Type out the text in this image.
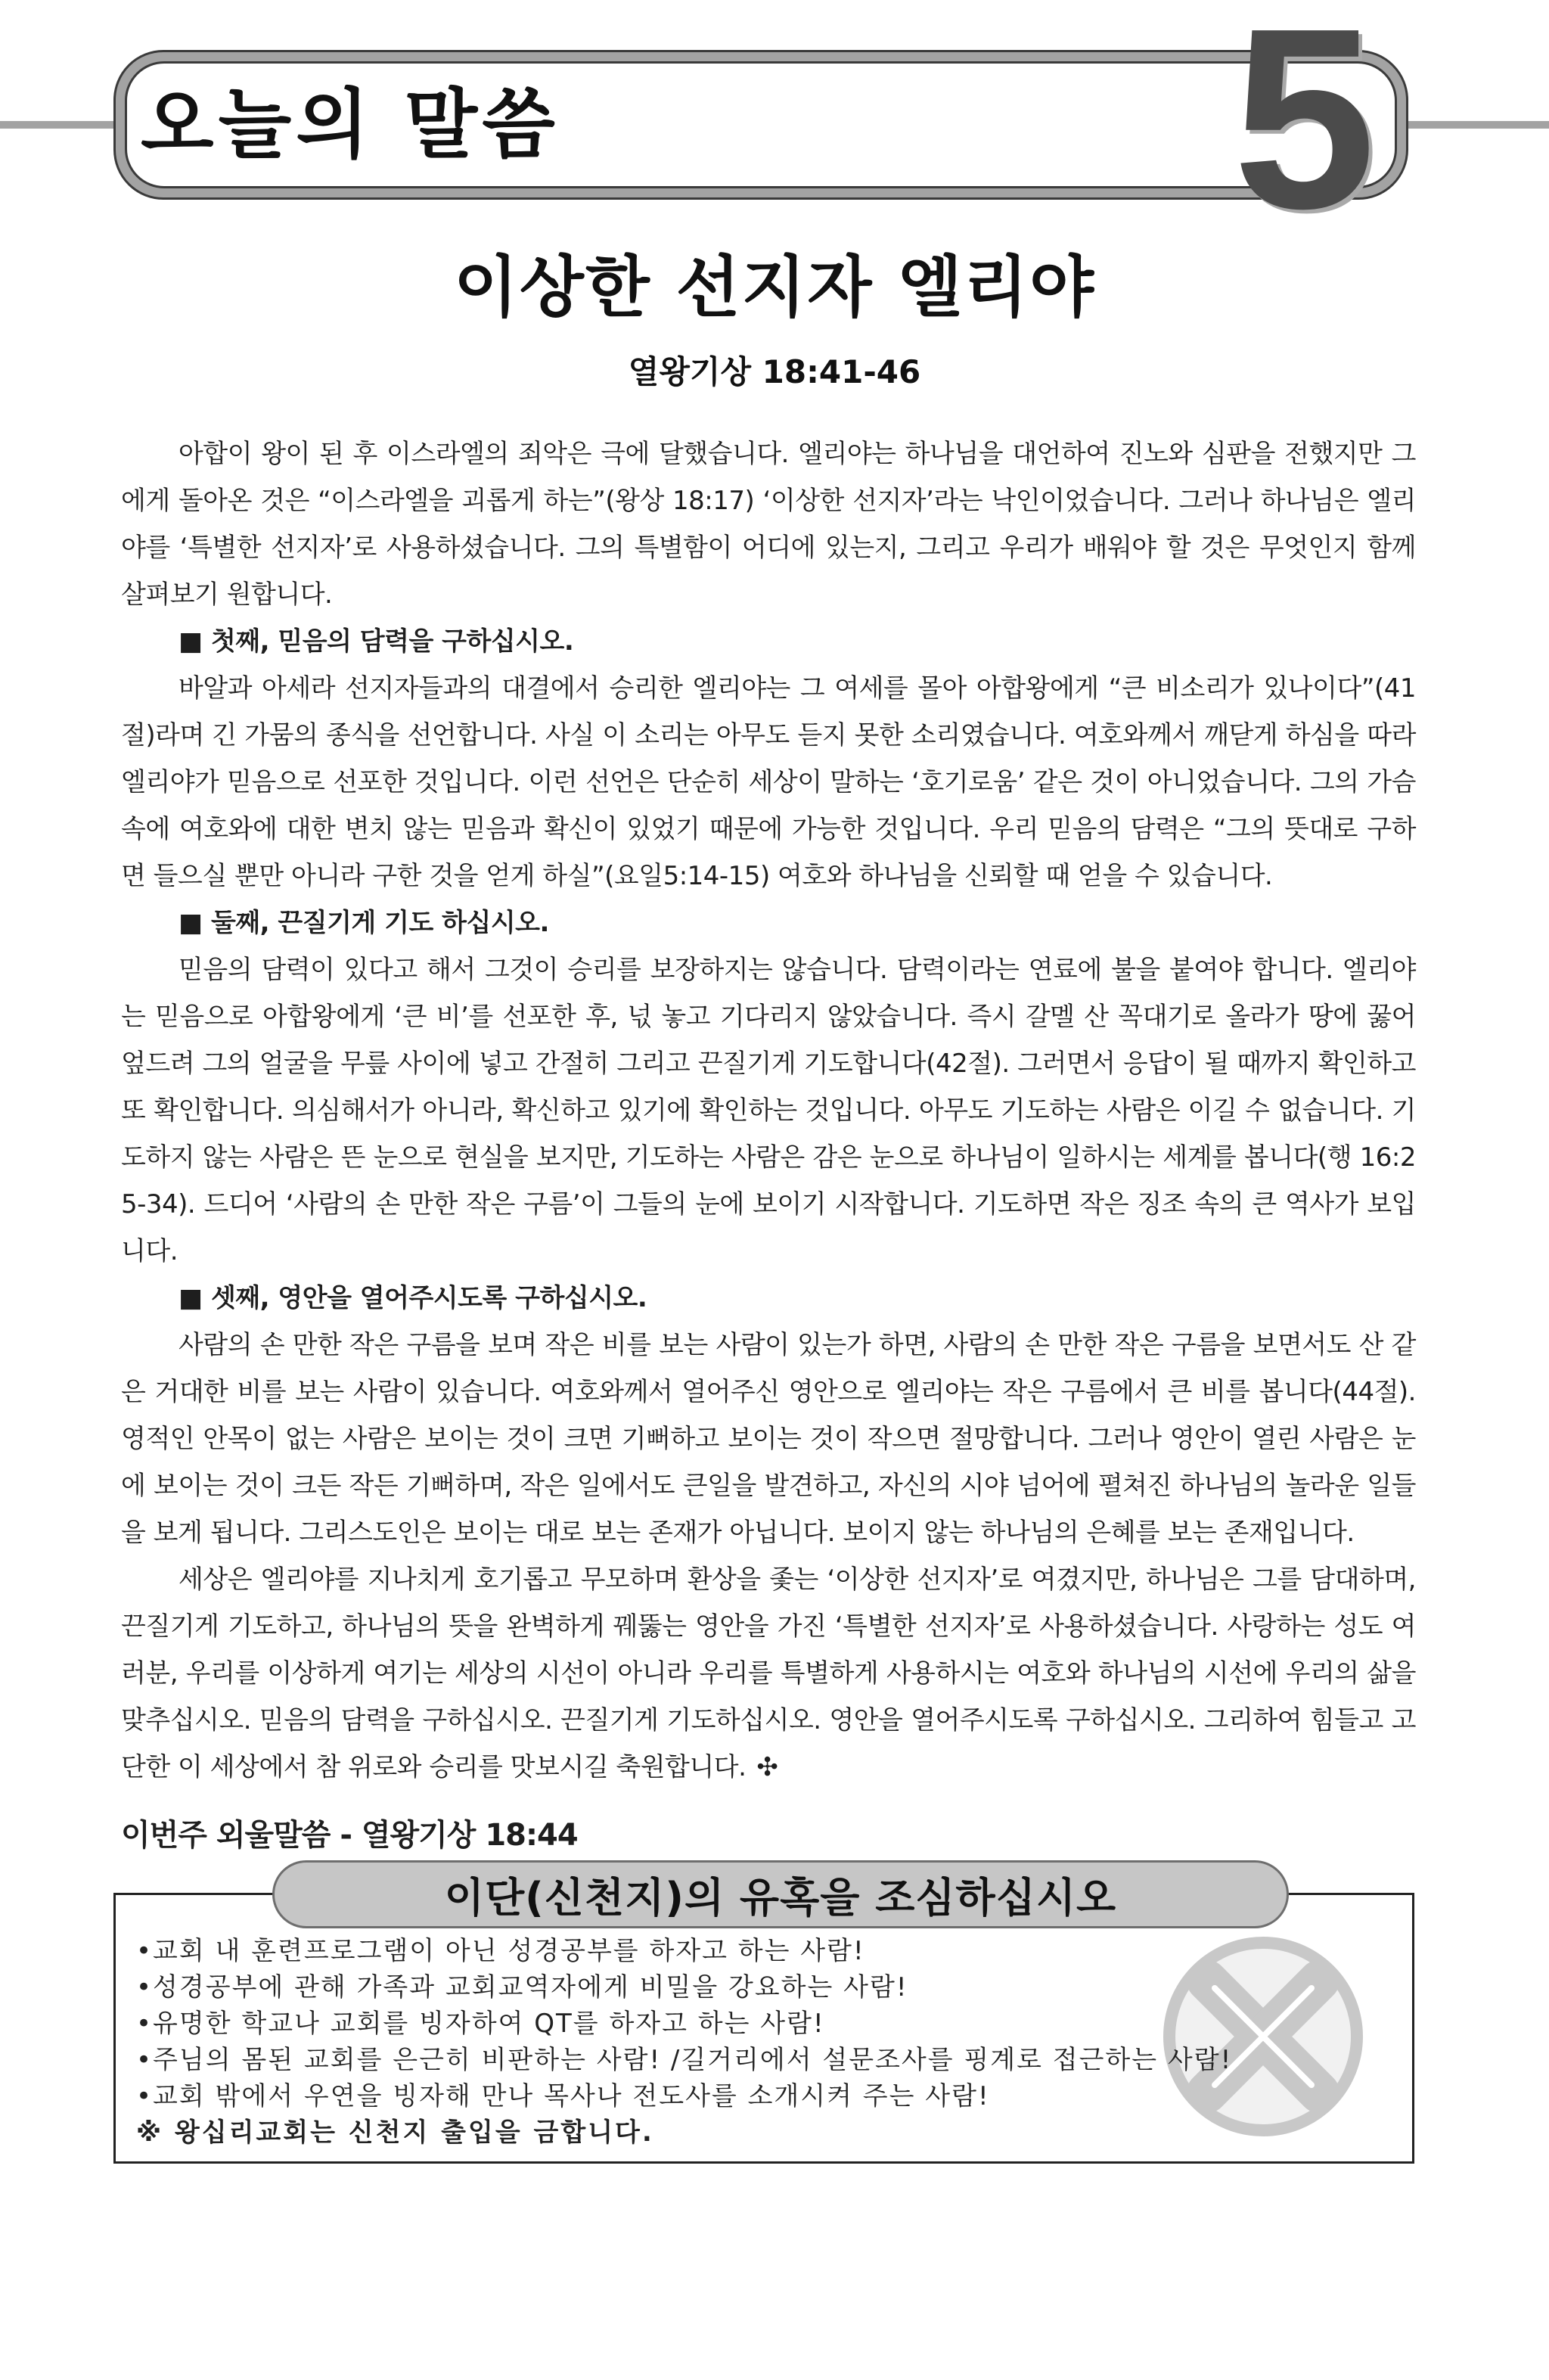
오늘의 말씀	5
이상한 선지자 엘리야
열왕기상 18:41-46

아합이 왕이 된 후 이스라엘의 죄악은 극에 달했습니다. 엘리야는 하나님을 대언하여 진노와 심판을 전했지만 그에게 돌아온 것은 “이스라엘을 괴롭게 하는”(왕상 18:17) ‘이상한 선지자’라는 낙인이었습니다. 그러나 하나님은 엘리야를 ‘특별한 선지자’로 사용하셨습니다. 그의 특별함이 어디에 있는지, 그리고 우리가 배워야 할 것은 무엇인지 함께 살펴보기 원합니다.

■ 첫째, 믿음의 담력을 구하십시오.

바알과 아세라 선지자들과의 대결에서 승리한 엘리야는 그 여세를 몰아 아합왕에게 “큰 비소리가 있나이다”(41절)라며 긴 가뭄의 종식을 선언합니다. 사실 이 소리는 아무도 듣지 못한 소리였습니다. 여호와께서 깨닫게 하심을 따라 엘리야가 믿음으로 선포한 것입니다. 이런 선언은 단순히 세상이 말하는 ‘호기로움’ 같은 것이 아니었습니다. 그의 가슴 속에 여호와에 대한 변치 않는 믿음과 확신이 있었기 때문에 가능한 것입니다. 우리 믿음의 담력은 “그의 뜻대로 구하면 들으실 뿐만 아니라 구한 것을 얻게 하실”(요일5:14-15) 여호와 하나님을 신뢰할 때 얻을 수 있습니다.

■ 둘째, 끈질기게 기도 하십시오.

믿음의 담력이 있다고 해서 그것이 승리를 보장하지는 않습니다. 담력이라는 연료에 불을 붙여야 합니다. 엘리야는 믿음으로 아합왕에게 ‘큰 비’를 선포한 후, 넋 놓고 기다리지 않았습니다. 즉시 갈멜 산 꼭대기로 올라가 땅에 꿇어 엎드려 그의 얼굴을 무릎 사이에 넣고 간절히 그리고 끈질기게 기도합니다(42절). 그러면서 응답이 될 때까지 확인하고 또 확인합니다. 의심해서가 아니라, 확신하고 있기에 확인하는 것입니다. 아무도 기도하는 사람은 이길 수 없습니다. 기도하지 않는 사람은 뜬 눈으로 현실을 보지만, 기도하는 사람은 감은 눈으로 하나님이 일하시는 세계를 봅니다(행 16:25-34). 드디어 ‘사람의 손 만한 작은 구름’이 그들의 눈에 보이기 시작합니다. 기도하면 작은 징조 속의 큰 역사가 보입니다.

■ 셋째, 영안을 열어주시도록 구하십시오.

사람의 손 만한 작은 구름을 보며 작은 비를 보는 사람이 있는가 하면, 사람의 손 만한 작은 구름을 보면서도 산 같은 거대한 비를 보는 사람이 있습니다. 여호와께서 열어주신 영안으로 엘리야는 작은 구름에서 큰 비를 봅니다(44절). 영적인 안목이 없는 사람은 보이는 것이 크면 기뻐하고 보이는 것이 작으면 절망합니다. 그러나 영안이 열린 사람은 눈에 보이는 것이 크든 작든 기뻐하며, 작은 일에서도 큰일을 발견하고, 자신의 시야 넘어에 펼쳐진 하나님의 놀라운 일들을 보게 됩니다. 그리스도인은 보이는 대로 보는 존재가 아닙니다. 보이지 않는 하나님의 은혜를 보는 존재입니다.

세상은 엘리야를 지나치게 호기롭고 무모하며 환상을 좇는 ‘이상한 선지자’로 여겼지만, 하나님은 그를 담대하며, 끈질기게 기도하고, 하나님의 뜻을 완벽하게 꿰뚫는 영안을 가진 ‘특별한 선지자’로 사용하셨습니다. 사랑하는 성도 여러분, 우리를 이상하게 여기는 세상의 시선이 아니라 우리를 특별하게 사용하시는 여호와 하나님의 시선에 우리의 삶을 맞추십시오. 믿음의 담력을 구하십시오. 끈질기게 기도하십시오. 영안을 열어주시도록 구하십시오. 그리하여 힘들고 고단한 이 세상에서 참 위로와 승리를 맛보시길 축원합니다. ✣

이번주 외울말씀 - 열왕기상 18:44
이단(신천지)의 유혹을 조심하십시오
•교회 내 훈련프로그램이 아닌 성경공부를 하자고 하는 사람!
•성경공부에 관해 가족과 교회교역자에게 비밀을 강요하는 사람!
•유명한 학교나 교회를 빙자하여 QT를 하자고 하는 사람!
•주님의 몸된 교회를 은근히 비판하는 사람! /길거리에서 설문조사를 핑계로 접근하는 사람!
•교회 밖에서 우연을 빙자해 만나 목사나 전도사를 소개시켜 주는 사람!
※ 왕십리교회는 신천지 출입을 금합니다.
